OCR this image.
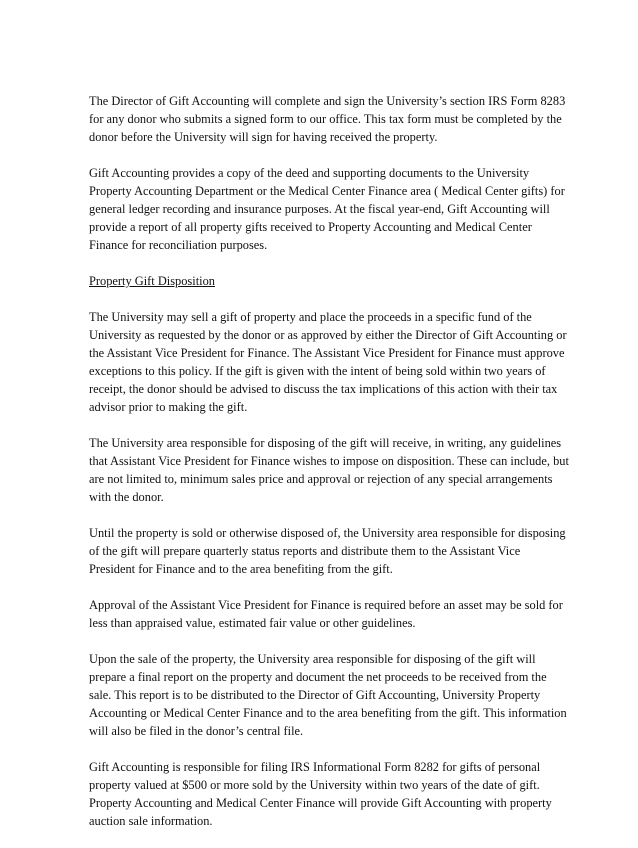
The Director of Gift Accounting will complete and sign the University’s section IRS Form 8283 for any donor who submits a signed form to our office. This tax form must be completed by the donor before the University will sign for having received the property.

Gift Accounting provides a copy of the deed and supporting documents to the University Property Accounting Department or the Medical Center Finance area ( Medical Center gifts) for general ledger recording and insurance purposes. At the fiscal year-end, Gift Accounting will provide a report of all property gifts received to Property Accounting and Medical Center Finance for reconciliation purposes.

Property Gift Disposition

The University may sell a gift of property and place the proceeds in a specific fund of the University as requested by the donor or as approved by either the Director of Gift Accounting or the Assistant Vice President for Finance. The Assistant Vice President for Finance must approve exceptions to this policy. If the gift is given with the intent of being sold within two years of receipt, the donor should be advised to discuss the tax implications of this action with their tax advisor prior to making the gift.

The University area responsible for disposing of the gift will receive, in writing, any guidelines that Assistant Vice President for Finance wishes to impose on disposition. These can include, but are not limited to, minimum sales price and approval or rejection of any special arrangements with the donor.

Until the property is sold or otherwise disposed of, the University area responsible for disposing of the gift will prepare quarterly status reports and distribute them to the Assistant Vice President for Finance and to the area benefiting from the gift.

Approval of the Assistant Vice President for Finance is required before an asset may be sold for less than appraised value, estimated fair value or other guidelines.

Upon the sale of the property, the University area responsible for disposing of the gift will prepare a final report on the property and document the net proceeds to be received from the sale. This report is to be distributed to the Director of Gift Accounting, University Property Accounting or Medical Center Finance and to the area benefiting from the gift. This information will also be filed in the donor’s central file.

Gift Accounting is responsible for filing IRS Informational Form 8282 for gifts of personal property valued at $500 or more sold by the University within two years of the date of gift. Property Accounting and Medical Center Finance will provide Gift Accounting with property auction sale information.
